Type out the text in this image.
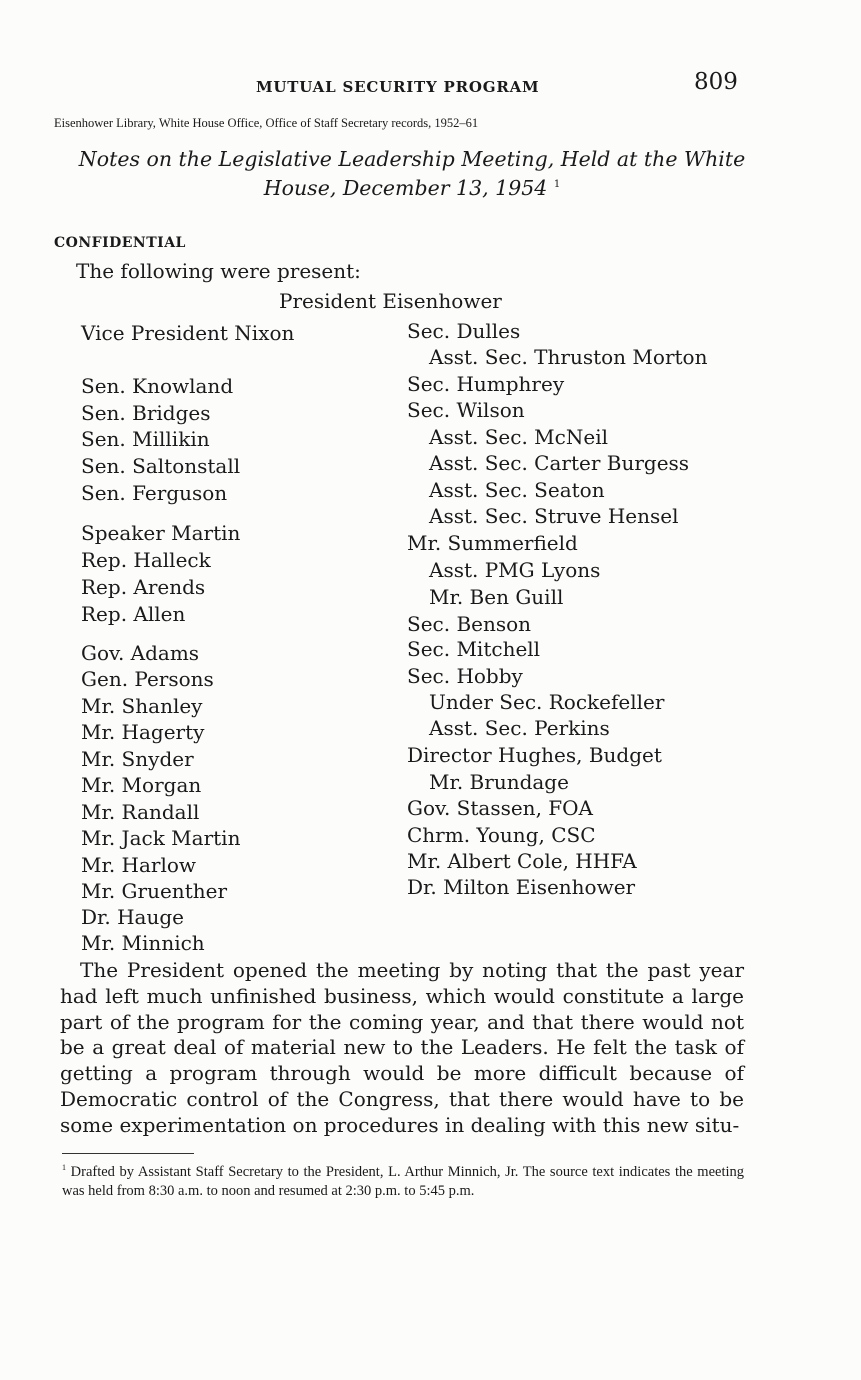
MUTUAL SECURITY PROGRAM	809
Eisenhower Library, White House Office, Office of Staff Secretary records, 1952–61
Notes on the Legislative Leadership Meeting, Held at the White House, December 13, 1954 $^1$
CONFIDENTIAL
The following were present:
President Eisenhower
Vice President Nixon
Sen. Knowland
Sen. Bridges
Sen. Millikin
Sen. Saltonstall
Sen. Ferguson
Speaker Martin
Rep. Halleck
Rep. Arends
Rep. Allen
Gov. Adams
Gen. Persons
Mr. Shanley
Mr. Hagerty
Mr. Snyder
Mr. Morgan
Mr. Randall
Mr. Jack Martin
Mr. Harlow
Mr. Gruenther
Dr. Hauge
Mr. Minnich
Sec. Dulles
Asst. Sec. Thruston Morton
Sec. Humphrey
Sec. Wilson
Asst. Sec. McNeil
Asst. Sec. Carter Burgess
Asst. Sec. Seaton
Asst. Sec. Struve Hensel
Mr. Summerfield
Asst. PMG Lyons
Mr. Ben Guill
Sec. Benson
Sec. Mitchell
Sec. Hobby
Under Sec. Rockefeller
Asst. Sec. Perkins
Director Hughes, Budget
Mr. Brundage
Gov. Stassen, FOA
Chrm. Young, CSC
Mr. Albert Cole, HHFA
Dr. Milton Eisenhower
The President opened the meeting by noting that the past year had left much unfinished business, which would constitute a large part of the program for the coming year, and that there would not be a great deal of material new to the Leaders. He felt the task of getting a program through would be more difficult because of Democratic control of the Congress, that there would have to be some experimentation on procedures in dealing with this new situ-
$^1$ Drafted by Assistant Staff Secretary to the President, L. Arthur Minnich, Jr. The source text indicates the meeting was held from 8:30 a.m. to noon and resumed at 2:30 p.m. to 5:45 p.m.
